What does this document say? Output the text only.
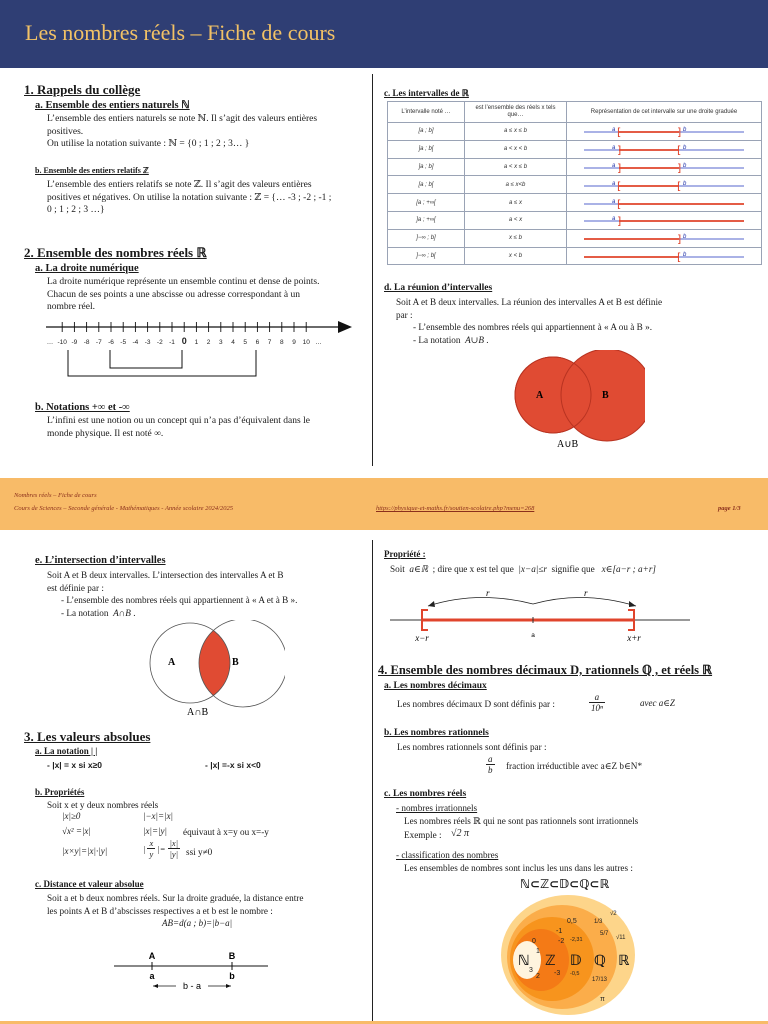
Les nombres réels – Fiche de cours
1. Rappels du collège
a. Ensemble des entiers naturels ℕ
L’ensemble des entiers naturels se note ℕ. Il s’agit des valeurs entières
positives.
On utilise la notation suivante : ℕ = {0 ; 1 ; 2 ; 3… }
b. Ensemble des entiers relatifs ℤ
L’ensemble des entiers relatifs se note ℤ. Il s’agit des valeurs entières
positives et négatives. On utilise la notation suivante : ℤ = {… -3 ; -2 ; -1 ;
0 ; 1 ; 2 ; 3 …}
2. Ensemble des nombres réels ℝ
a. La droite numérique
La droite numérique représente un ensemble continu et dense de points.
Chacun de ses points a une abscisse ou adresse correspondant à un
nombre réel.
… -10 -9 -8 -7 -6 -5 -4 -3 -2 -1 0 1 2 3 4 5 6 7 8 9 10 …
b. Notations +∞ et -∞
L’infini est une notion ou un concept qui n’a pas d’équivalent dans le
monde physique. Il est noté ∞.
c. Les intervalles de ℝ
L’intervalle noté …	est l’ensemble des réels x tels que…	Représentation de cet intervalle sur une droite graduée
[a ; b]	a ≤ x ≤ b	[
a ] b

]a ; b[	a < x < b	]
a [ b

]a ; b]	a < x ≤ b	]
a ] b

[a ; b[	a ≤ x<b	[
a [ b

[a ; +∞[	a ≤ x	[
a

]a ; +∞[	a < x	]
a

]−∞ ; b]	x ≤ b	] b

]−∞ ; b[	x < b	[ b
d. La réunion d’intervalles
Soit A et B deux intervalles. La réunion des intervalles A et B est définie
par :
- L’ensemble des nombres réels qui appartiennent à « A ou à B ».
- La notation A∪B .
A	B
A∪B
Nombres réels – Fiche de cours
Cours de Sciences – Seconde générale - Mathématiques - Année scolaire 2024/2025	https://physique-et-maths.fr/soutien-scolaire.php?menu=268	page 1/3
e. L’intersection d’intervalles
Soit A et B deux intervalles. L’intersection des intervalles A et B
est définie par :
- L’ensemble des nombres réels qui appartiennent à « A et à B ».
- La notation A∩B .
A	B
A∩B
3. Les valeurs absolues
a. La notation | |
- |x| = x si x≥0	- |x| =-x si x<0
b. Propriétés
Soit x et y deux nombres réels
|x|≥0	|−x|=|x|
√x² =|x|	|x|=|y| équivaut à x=y ou x=-y
|x×y|=|x|·|y|	| $\frac{x}{y}$ |= $\frac{|x|}{|y|}$ ssi y≠0
c. Distance et valeur absolue
Soit a et b deux nombres réels. Sur la droite graduée, la distance entre
les points A et B d’abscisses respectives a et b est le nombre :
AB=d(a ; b)=|b−a|
A	B
a	b
b - a
Propriété :
Soit a∈ℝ ; dire que x est tel que |x−a|≤r signifie que x∈[a−r ; a+r]
r	r
x−r	a	x+r
4. Ensemble des nombres décimaux D, rationnels ℚ , et réels ℝ
a. Les nombres décimaux
Les nombres décimaux D sont définis par :
a
10ⁿ	avec a∈Z
b. Les nombres rationnels
Les nombres rationnels sont définis par :
a
b fraction irréductible avec a∈Z b∈N*
c. Les nombres réels
- nombres irrationnels
Les nombres réels ℝ qui ne sont pas rationnels sont irrationnels
Exemple : √2 π
- classification des nombres
Les ensembles de nombres sont inclus les uns dans les autres :
ℕ⊂ℤ⊂𝔻⊂ℚ⊂ℝ
ℕ ℤ 𝔻 ℚ ℝ
0
1
2
3
-1
-2
-3
0,5
-2,31
-0,5
1/3
5/7
17/13
√2
√11
π
